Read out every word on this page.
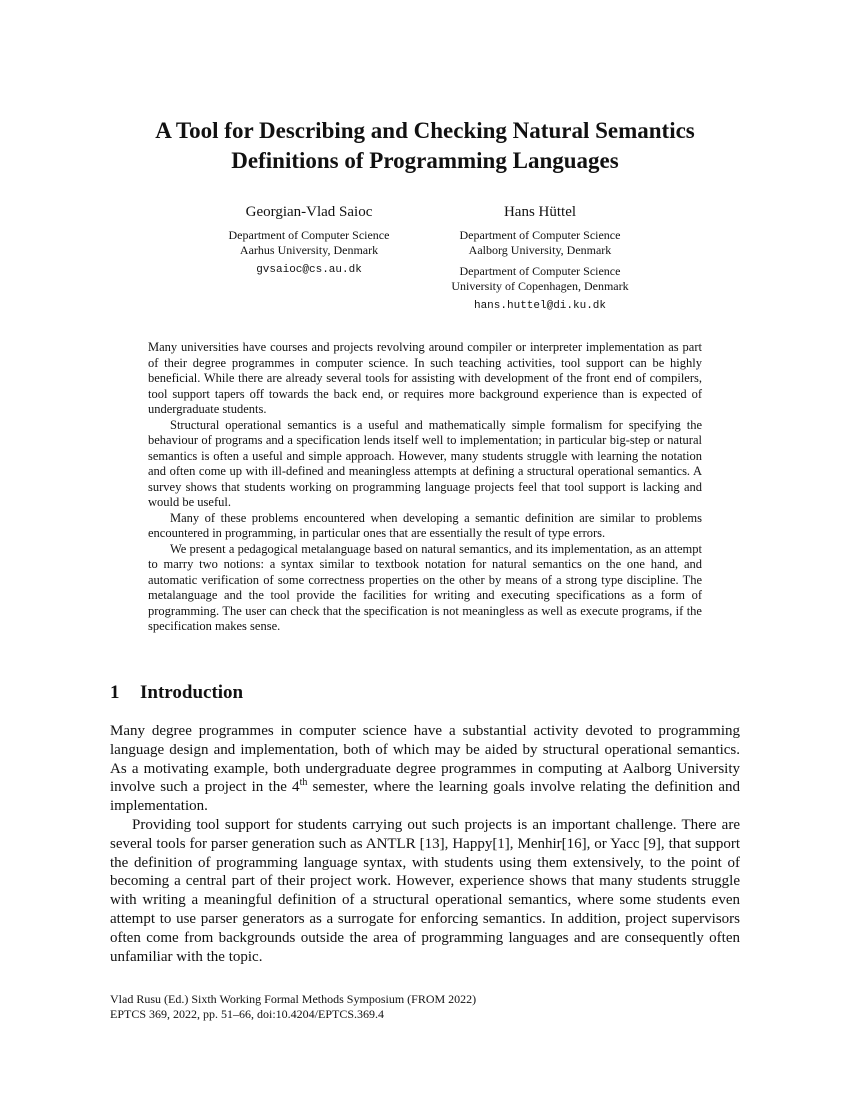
A Tool for Describing and Checking Natural Semantics
Definitions of Programming Languages
Georgian-Vlad Saioc
Department of Computer Science
Aarhus University, Denmark
gvsaioc@cs.au.dk
Hans Hüttel
Department of Computer Science
Aalborg University, Denmark
Department of Computer Science
University of Copenhagen, Denmark
hans.huttel@di.ku.dk

Many universities have courses and projects revolving around compiler or interpreter implementation as part of their degree programmes in computer science. In such teaching activities, tool support can be highly beneficial. While there are already several tools for assisting with development of the front end of compilers, tool support tapers off towards the back end, or requires more background experience than is expected of undergraduate students.

Structural operational semantics is a useful and mathematically simple formalism for specifying the behaviour of programs and a specification lends itself well to implementation; in particular big-step or natural semantics is often a useful and simple approach. However, many students struggle with learning the notation and often come up with ill-defined and meaningless attempts at defining a structural operational semantics. A survey shows that students working on programming language projects feel that tool support is lacking and would be useful.

Many of these problems encountered when developing a semantic definition are similar to problems encountered in programming, in particular ones that are essentially the result of type errors.

We present a pedagogical metalanguage based on natural semantics, and its implementation, as an attempt to marry two notions: a syntax similar to textbook notation for natural semantics on the one hand, and automatic verification of some correctness properties on the other by means of a strong type discipline. The metalanguage and the tool provide the facilities for writing and executing specifications as a form of programming. The user can check that the specification is not meaningless as well as execute programs, if the specification makes sense.

1 Introduction

Many degree programmes in computer science have a substantial activity devoted to programming language design and implementation, both of which may be aided by structural operational semantics. As a motivating example, both undergraduate degree programmes in computing at Aalborg University involve such a project in the 4th semester, where the learning goals involve relating the definition and implementation.

Providing tool support for students carrying out such projects is an important challenge. There are several tools for parser generation such as ANTLR [13], Happy[1], Menhir[16], or Yacc [9], that support the definition of programming language syntax, with students using them extensively, to the point of becoming a central part of their project work. However, experience shows that many students struggle with writing a meaningful definition of a structural operational semantics, where some students even attempt to use parser generators as a surrogate for enforcing semantics. In addition, project supervisors often come from backgrounds outside the area of programming languages and are consequently often unfamiliar with the topic.

Vlad Rusu (Ed.) Sixth Working Formal Methods Symposium (FROM 2022)
EPTCS 369, 2022, pp. 51–66, doi:10.4204/EPTCS.369.4
